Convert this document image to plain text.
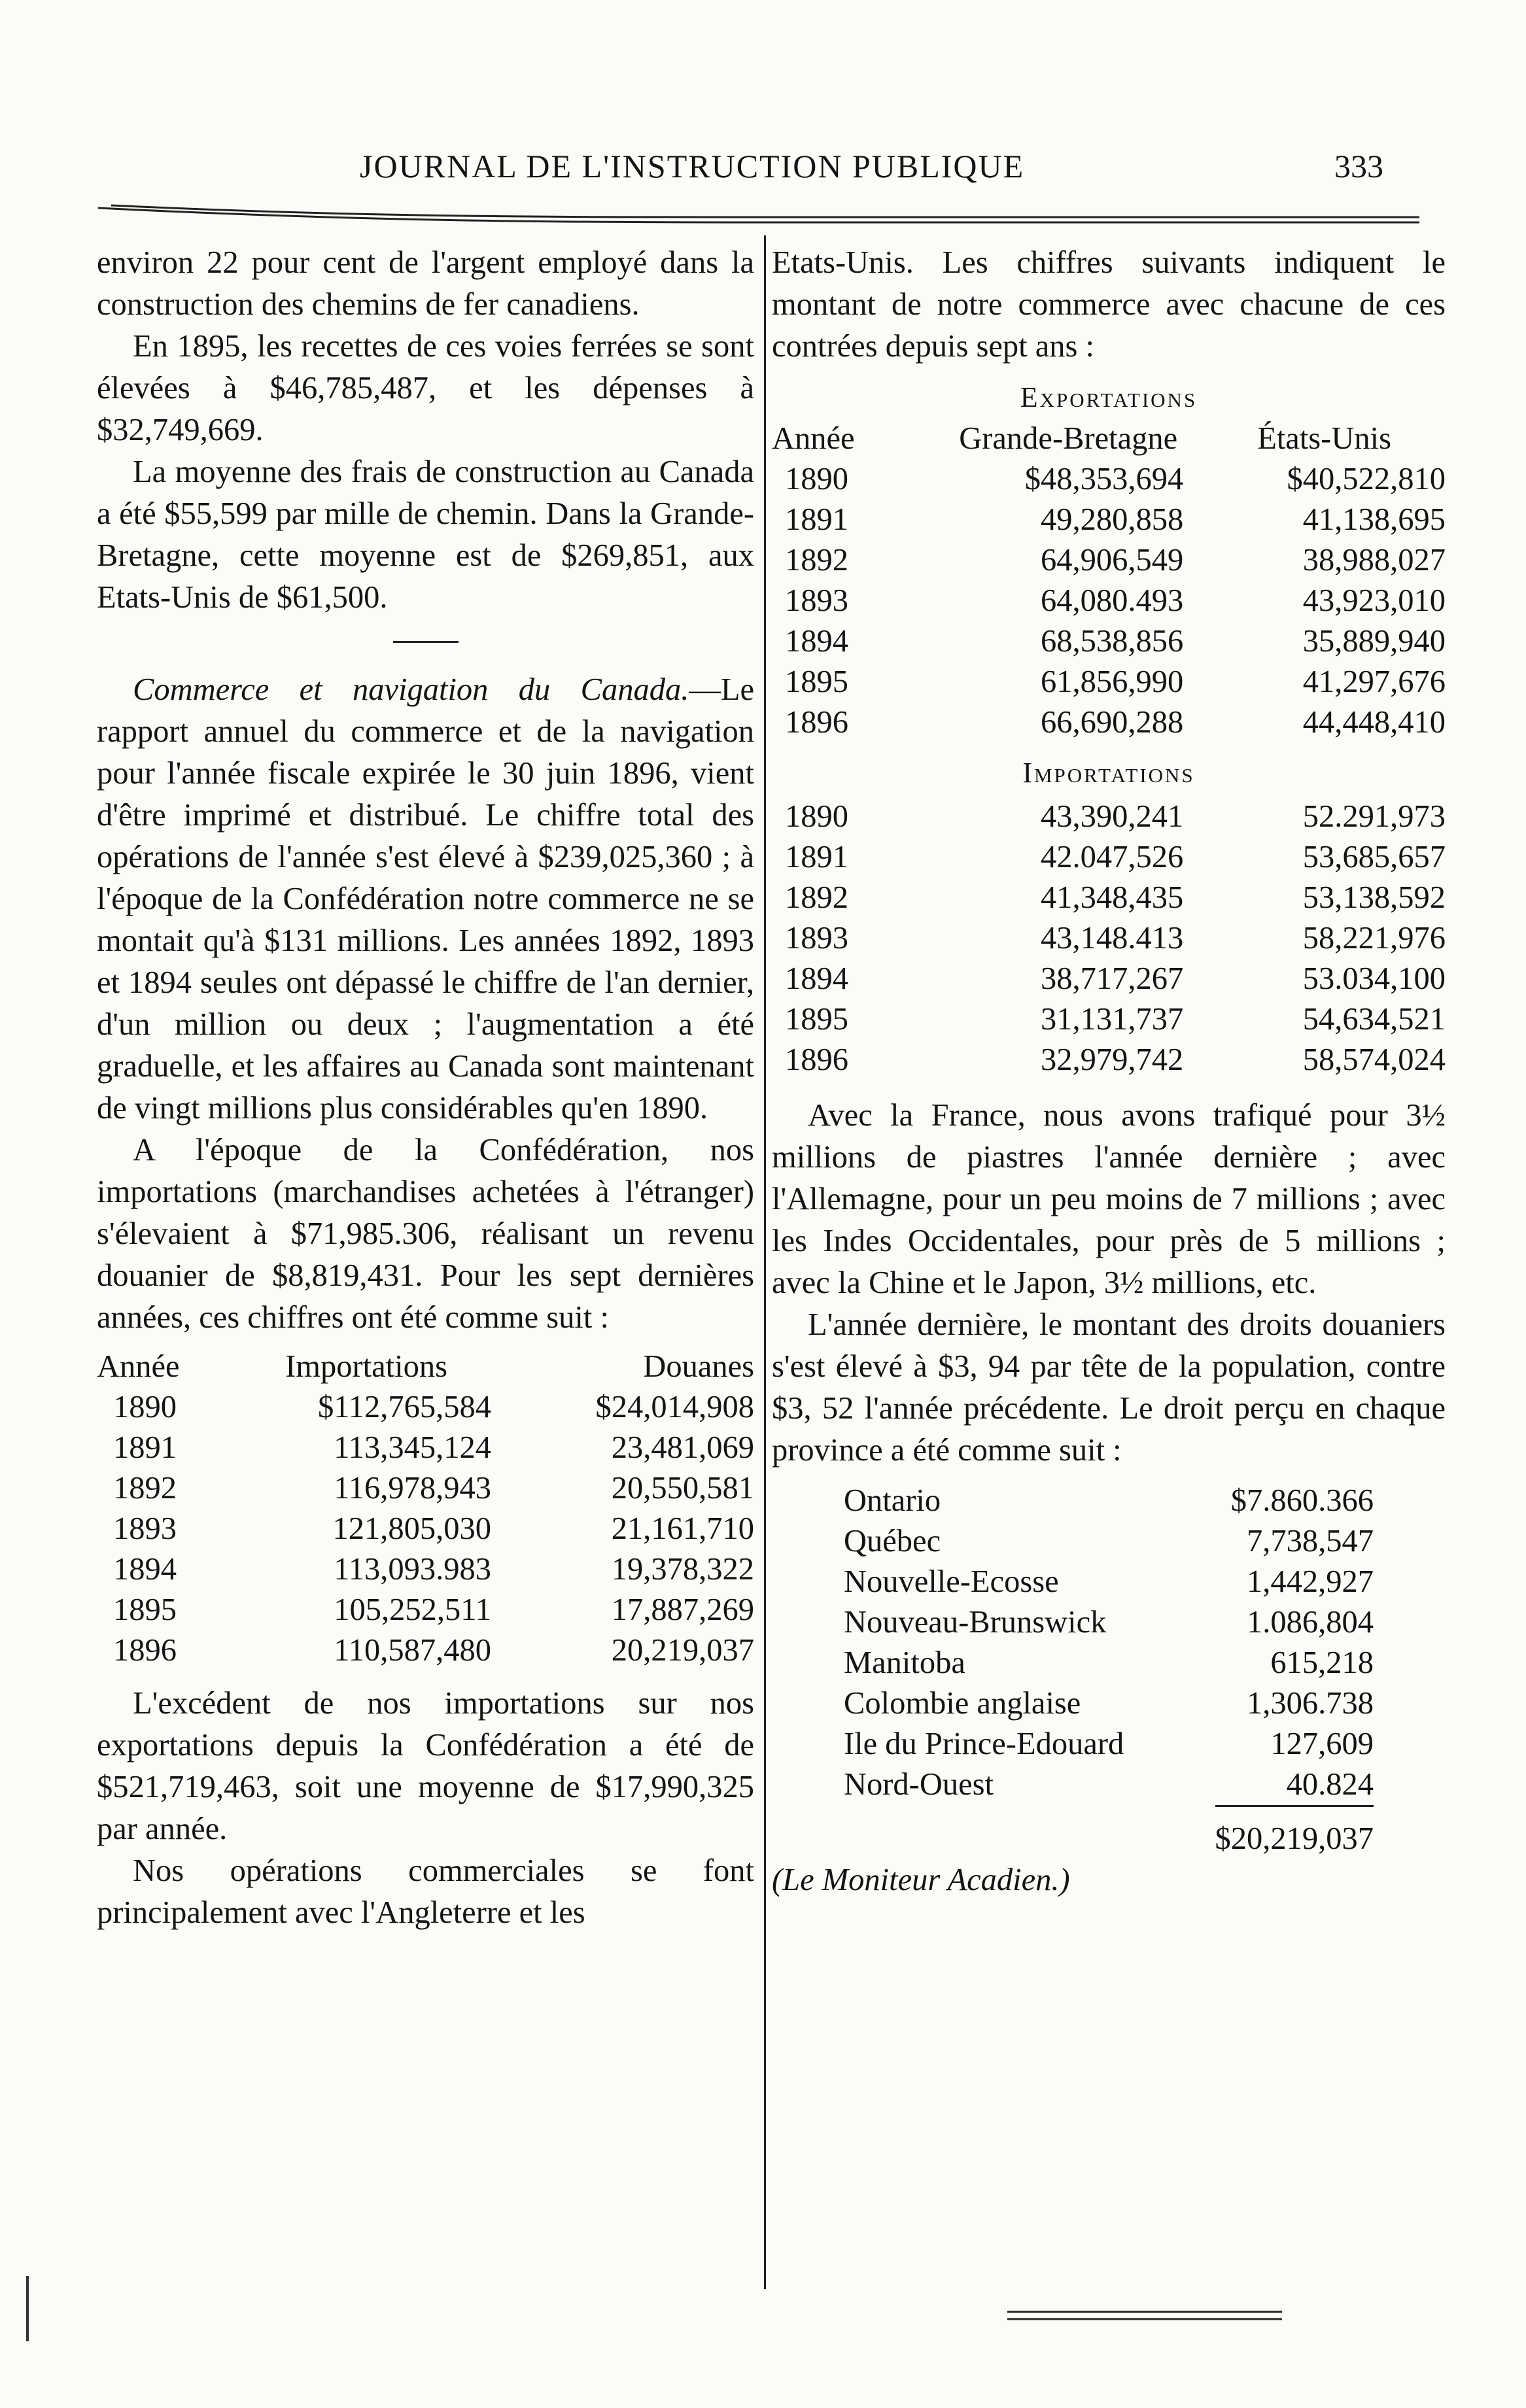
JOURNAL DE L'INSTRUCTION PUBLIQUE	333

environ 22 pour cent de l'argent employé dans la construction des chemins de fer canadiens.

En 1895, les recettes de ces voies ferrées se sont élevées à $46,785,487, et les dépenses à $32,749,669.

La moyenne des frais de construction au Canada a été $55,599 par mille de chemin. Dans la Grande-Bretagne, cette moyenne est de $269,851, aux Etats-Unis de $61,500.

Commerce et navigation du Canada.—Le rapport annuel du commerce et de la navigation pour l'année fiscale expirée le 30 juin 1896, vient d'être imprimé et distribué. Le chiffre total des opérations de l'année s'est élevé à $239,025,360 ; à l'époque de la Confédération notre commerce ne se montait qu'à $131 millions. Les années 1892, 1893 et 1894 seules ont dépassé le chiffre de l'an dernier, d'un million ou deux ; l'augmentation a été graduelle, et les affaires au Canada sont maintenant de vingt millions plus considérables qu'en 1890.

A l'époque de la Confédération, nos importations (marchandises achetées à l'étranger) s'élevaient à $71,985.306, réalisant un revenu douanier de $8,819,431. Pour les sept dernières années, ces chiffres ont été comme suit :

Année	Importations	Douanes
1890	$112,765,584	$24,014,908
1891	113,345,124	23,481,069
1892	116,978,943	20,550,581
1893	121,805,030	21,161,710
1894	113,093.983	19,378,322
1895	105,252,511	17,887,269
1896	110,587,480	20,219,037

L'excédent de nos importations sur nos exportations depuis la Confédération a été de $521,719,463, soit une moyenne de $17,990,325 par année.

Nos opérations commerciales se font principalement avec l'Angleterre et les

Etats-Unis. Les chiffres suivants indiquent le montant de notre commerce avec chacune de ces contrées depuis sept ans :

Exportations
Année	Grande-Bretagne	États-Unis
1890	$48,353,694	$40,522,810
1891	49,280,858	41,138,695
1892	64,906,549	38,988,027
1893	64,080.493	43,923,010
1894	68,538,856	35,889,940
1895	61,856,990	41,297,676
1896	66,690,288	44,448,410
Importations
1890	43,390,241	52.291,973
1891	42.047,526	53,685,657
1892	41,348,435	53,138,592
1893	43,148.413	58,221,976
1894	38,717,267	53.034,100
1895	31,131,737	54,634,521
1896	32,979,742	58,574,024

Avec la France, nous avons trafiqué pour 3½ millions de piastres l'année dernière ; avec l'Allemagne, pour un peu moins de 7 millions ; avec les Indes Occidentales, pour près de 5 millions ; avec la Chine et le Japon, 3½ millions, etc.

L'année dernière, le montant des droits douaniers s'est élevé à $3, 94 par tête de la population, contre $3, 52 l'année précédente. Le droit perçu en chaque province a été comme suit :

Ontario	$7.860.366
Québec	7,738,547
Nouvelle-Ecosse	1,442,927
Nouveau-Brunswick	1.086,804
Manitoba	615,218
Colombie anglaise	1,306.738
Ile du Prince-Edouard	127,609
Nord-Ouest	40.824
	$20,219,037

(Le Moniteur Acadien.)
